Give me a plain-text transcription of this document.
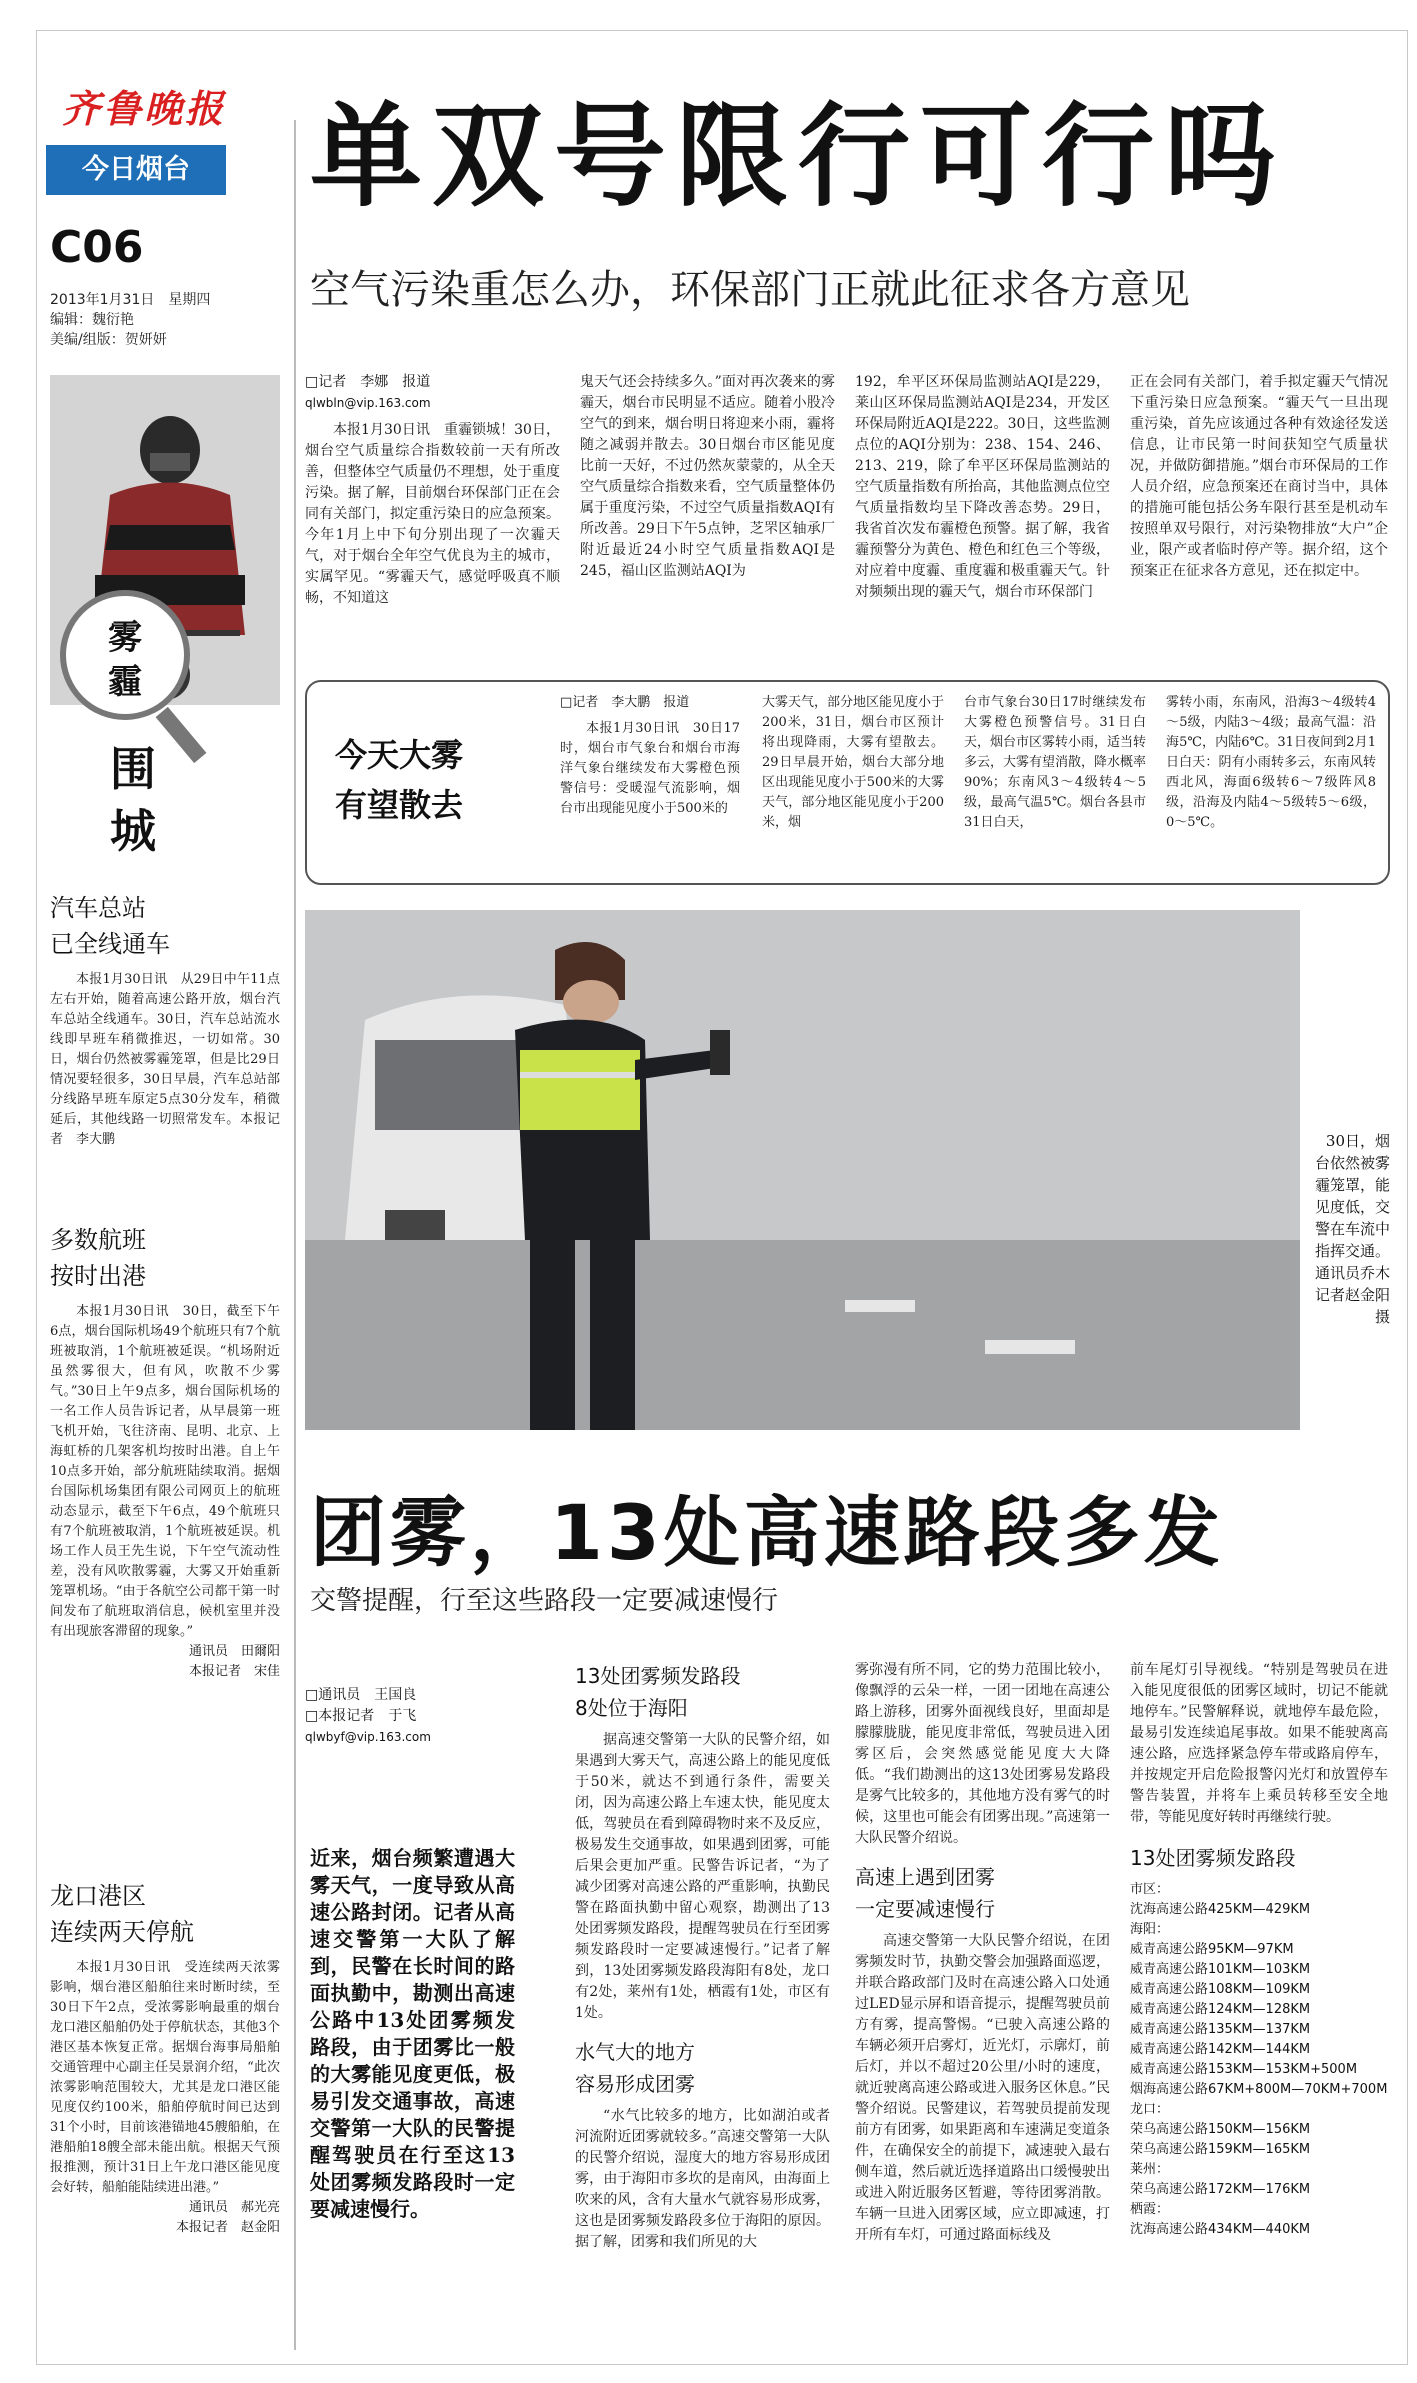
齐鲁晚报
今日烟台
C06
2013年1月31日　星期四
编辑：魏衍艳
美编/组版：贺妍妍
雾
霾
围
城
汽车总站
已全线通车
本报1月30日讯　从29日中午11点左右开始，随着高速公路开放，烟台汽车总站全线通车。30日，汽车总站流水线即早班车稍微推迟，一切如常。30日，烟台仍然被雾霾笼罩，但是比29日情况要轻很多，30日早晨，汽车总站部分线路早班车原定5点30分发车，稍微延后，其他线路一切照常发车。本报记者　李大鹏
多数航班
按时出港
本报1月30日讯　30日，截至下午6点，烟台国际机场49个航班只有7个航班被取消，1个航班被延误。“机场附近虽然雾很大，但有风，吹散不少雾气。”30日上午9点多，烟台国际机场的一名工作人员告诉记者，从早晨第一班飞机开始，飞往济南、昆明、北京、上海虹桥的几架客机均按时出港。自上午10点多开始，部分航班陆续取消。据烟台国际机场集团有限公司网页上的航班动态显示，截至下午6点，49个航班只有7个航班被取消，1个航班被延误。机场工作人员王先生说，下午空气流动性差，没有风吹散雾霾，大雾又开始重新笼罩机场。“由于各航空公司都干第一时间发布了航班取消信息，候机室里并没有出现旅客滞留的现象。”
通讯员　田爾阳
本报记者　宋佳
龙口港区
连续两天停航
本报1月30日讯　受连续两天浓雾影响，烟台港区船舶往来时断时续，至30日下午2点，受浓雾影响最重的烟台龙口港区船舶仍处于停航状态，其他3个港区基本恢复正常。据烟台海事局船舶交通管理中心副主任吴景润介绍，“此次浓雾影响范围较大，尤其是龙口港区能见度仅约100米，船舶停航时间已达到31个小时，目前该港锚地45艘船舶，在港船舶18艘全部未能出航。根据天气预报推测，预计31日上午龙口港区能见度会好转，船舶能陆续进出港。”
通讯员　郝光亮
本报记者　赵金阳
单双号限行可行吗
空气污染重怎么办，环保部门正就此征求各方意见
□记者　李娜　报道
qlwbln@vip.163.com
本报1月30日讯　重霾锁城！30日，烟台空气质量综合指数较前一天有所改善，但整体空气质量仍不理想，处于重度污染。据了解，目前烟台环保部门正在会同有关部门，拟定重污染日的应急预案。今年1月上中下旬分别出现了一次霾天气，对于烟台全年空气优良为主的城市，实属罕见。“雾霾天气，感觉呼吸真不顺畅，不知道这
鬼天气还会持续多久。”面对再次袭来的雾霾天，烟台市民明显不适应。随着小股冷空气的到来，烟台明日将迎来小雨，霾将随之减弱并散去。30日烟台市区能见度比前一天好，不过仍然灰蒙蒙的，从全天空气质量综合指数来看，空气质量整体仍属于重度污染，不过空气质量指数AQI有所改善。29日下午5点钟，芝罘区轴承厂附近最近24小时空气质量指数AQI是245，福山区监测站AQI为
192，牟平区环保局监测站AQI是229，莱山区环保局监测站AQI是234，开发区环保局附近AQI是222。30日，这些监测点位的AQI分别为：238、154、246、213、219，除了牟平区环保局监测站的空气质量指数有所抬高，其他监测点位空气质量指数均呈下降改善态势。29日，我省首次发布霾橙色预警。据了解，我省霾预警分为黄色、橙色和红色三个等级，对应着中度霾、重度霾和极重霾天气。针对频频出现的霾天气，烟台市环保部门
正在会同有关部门，着手拟定霾天气情况下重污染日应急预案。“霾天气一旦出现重污染，首先应该通过各种有效途径发送信息，让市民第一时间获知空气质量状况，并做防御措施。”烟台市环保局的工作人员介绍，应急预案还在商讨当中，具体的措施可能包括公务车限行甚至是机动车按照单双号限行，对污染物排放“大户”企业，限产或者临时停产等。据介绍，这个预案正在征求各方意见，还在拟定中。
今天大雾
有望散去
□记者　李大鹏　报道
本报1月30日讯　30日17时，烟台市气象台和烟台市海洋气象台继续发布大雾橙色预警信号：受暖湿气流影响，烟台市出现能见度小于500米的
大雾天气，部分地区能见度小于200米，31日，烟台市区预计将出现降雨，大雾有望散去。29日早晨开始，烟台大部分地区出现能见度小于500米的大雾天气，部分地区能见度小于200米，烟
台市气象台30日17时继续发布大雾橙色预警信号。31日白天，烟台市区雾转小雨，适当转多云，大雾有望消散，降水概率90%；东南风3～4级转4～5级，最高气温5℃。烟台各县市31日白天，
雾转小雨，东南风，沿海3～4级转4～5级，内陆3～4级；最高气温：沿海5℃，内陆6℃。31日夜间到2月1日白天：阴有小雨转多云，东南风转西北风，海面6级转6～7级阵风8级，沿海及内陆4～5级转5～6级，0～5℃。
30日，烟台依然被雾霾笼罩，能见度低，交警在车流中指挥交通。通讯员乔木　记者赵金阳　摄
团雾，13处高速路段多发
交警提醒，行至这些路段一定要减速慢行
□通讯员　王国良
□本报记者　于飞
qlwbyf@vip.163.com
近来，烟台频繁遭遇大雾天气，一度导致从高速公路封闭。记者从高速交警第一大队了解到，民警在长时间的路面执勤中，勘测出高速公路中13处团雾频发路段，由于团雾比一般的大雾能见度更低，极易引发交通事故，高速交警第一大队的民警提醒驾驶员在行至这13处团雾频发路段时一定要减速慢行。
13处团雾频发路段
8处位于海阳
据高速交警第一大队的民警介绍，如果遇到大雾天气，高速公路上的能见度低于50米，就达不到通行条件，需要关闭，因为高速公路上车速太快，能见度太低，驾驶员在看到障碍物时来不及反应，极易发生交通事故，如果遇到团雾，可能后果会更加严重。民警告诉记者，“为了减少团雾对高速公路的严重影响，执勤民警在路面执勤中留心观察，勘测出了13处团雾频发路段，提醒驾驶员在行至团雾频发路段时一定要减速慢行。”记者了解到，13处团雾频发路段海阳有8处，龙口有2处，莱州有1处，栖霞有1处，市区有1处。
水气大的地方
容易形成团雾
“水气比较多的地方，比如湖泊或者河流附近团雾就较多。”高速交警第一大队的民警介绍说，湿度大的地方容易形成团雾，由于海阳市多坎的是南风，由海面上吹来的风，含有大量水气就容易形成雾，这也是团雾频发路段多位于海阳的原因。据了解，团雾和我们所见的大
雾弥漫有所不同，它的势力范围比较小，像飘浮的云朵一样，一团一团地在高速公路上游移，团雾外面视线良好，里面却是朦朦胧胧，能见度非常低，驾驶员进入团雾区后，会突然感觉能见度大大降低。“我们勘测出的这13处团雾易发路段是雾气比较多的，其他地方没有雾气的时候，这里也可能会有团雾出现。”高速第一大队民警介绍说。
高速上遇到团雾
一定要减速慢行
高速交警第一大队民警介绍说，在团雾频发时节，执勤交警会加强路面巡逻，并联合路政部门及时在高速公路入口处通过LED显示屏和语音提示，提醒驾驶员前方有雾，提高警惕。“已驶入高速公路的车辆必须开启雾灯，近光灯，示廓灯，前后灯，并以不超过20公里/小时的速度，就近驶离高速公路或进入服务区休息。”民警介绍说。民警建议，若驾驶员提前发现前方有团雾，如果距离和车速满足变道条件，在确保安全的前提下，减速驶入最右侧车道，然后就近选择道路出口缓慢驶出或进入附近服务区暂避，等待团雾消散。车辆一旦进入团雾区域，应立即减速，打开所有车灯，可通过路面标线及
前车尾灯引导视线。“特别是驾驶员在进入能见度很低的团雾区域时，切记不能就地停车。”民警解释说，就地停车最危险，最易引发连续追尾事故。如果不能驶离高速公路，应选择紧急停车带或路肩停车，并按规定开启危险报警闪光灯和放置停车警告装置，并将车上乘员转移至安全地带，等能见度好转时再继续行驶。
13处团雾频发路段
市区：
沈海高速公路425KM—429KM
海阳：
威青高速公路95KM—97KM
威青高速公路101KM—103KM
威青高速公路108KM—109KM
威青高速公路124KM—128KM
威青高速公路135KM—137KM
威青高速公路142KM—144KM
威青高速公路153KM—153KM+500M
烟海高速公路67KM+800M—70KM+700M
龙口：
荣乌高速公路150KM—156KM
荣乌高速公路159KM—165KM
莱州：
荣乌高速公路172KM—176KM
栖霞：
沈海高速公路434KM—440KM
